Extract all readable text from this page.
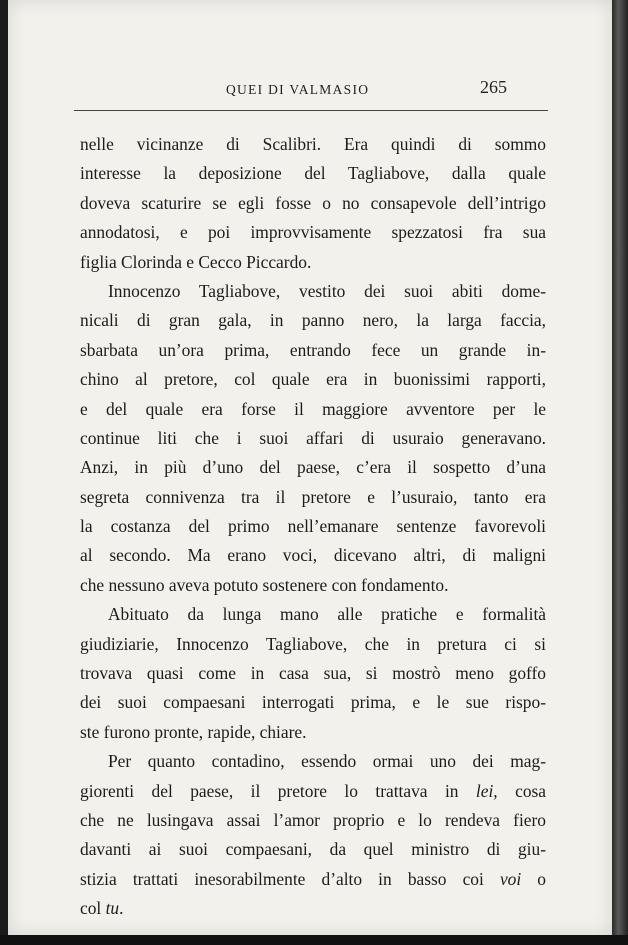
QUEI DI VALMASIO	265
nelle vicinanze di Scalibri. Era quindi di sommo
interesse la deposizione del Tagliabove, dalla quale
doveva scaturire se egli fosse o no consapevole dell’intrigo
annodatosi, e poi improvvisamente spezzatosi fra sua
figlia Clorinda e Cecco Piccardo.
Innocenzo Tagliabove, vestito dei suoi abiti dome-
nicali di gran gala, in panno nero, la larga faccia,
sbarbata un’ora prima, entrando fece un grande in-
chino al pretore, col quale era in buonissimi rapporti,
e del quale era forse il maggiore avventore per le
continue liti che i suoi affari di usuraio generavano.
Anzi, in più d’uno del paese, c’era il sospetto d’una
segreta connivenza tra il pretore e l’usuraio, tanto era
la costanza del primo nell’emanare sentenze favorevoli
al secondo. Ma erano voci, dicevano altri, di maligni
che nessuno aveva potuto sostenere con fondamento.
Abituato da lunga mano alle pratiche e formalità
giudiziarie, Innocenzo Tagliabove, che in pretura ci si
trovava quasi come in casa sua, si mostrò meno goffo
dei suoi compaesani interrogati prima, e le sue rispo-
ste furono pronte, rapide, chiare.
Per quanto contadino, essendo ormai uno dei mag-
giorenti del paese, il pretore lo trattava in lei, cosa
che ne lusingava assai l’amor proprio e lo rendeva fiero
davanti ai suoi compaesani, da quel ministro di giu-
stizia trattati inesorabilmente d’alto in basso coi voi o
col tu.
